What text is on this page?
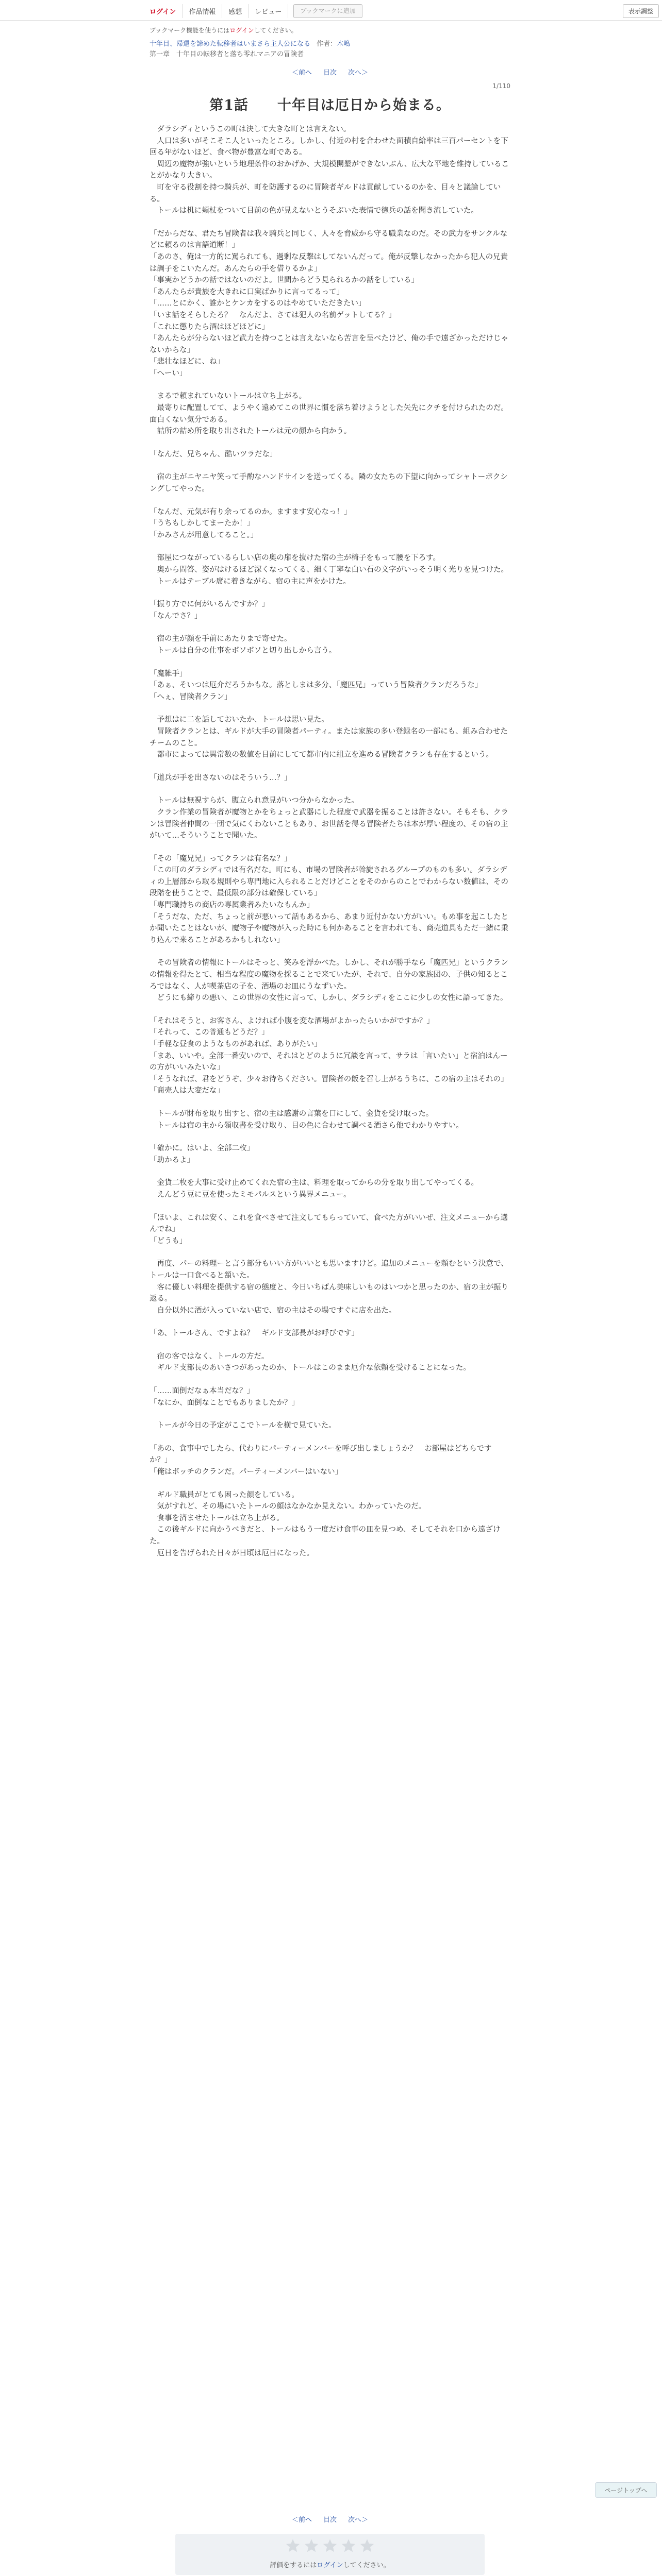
ログイン	作品情報	感想	レビュー	ブックマークに追加	表示調整
ブックマーク機能を使うにはログインしてください。
十年目、帰還を諦めた転移者はいまさら主人公になる 作者：木嶋
第一章　十年目の転移者と落ち零れマニアの冒険者
＜前へ 目次 次へ＞
1/110
第1話　　十年目は厄日から始まる。

　ダラシディというこの町は決して大きな町とは言えない。
　人口は多いがそこそこ人といったところ。しかし、付近の村を合わせた面積自給率は三百パーセントを下回る年がないほど、食べ物が豊富な町である。
　周辺の魔物が強いという地理条件のおかげか、大規模開墾ができないぶん、広大な平地を維持していることがかなり大きい。
　町を守る役割を持つ騎兵が、町を防護するのに冒険者ギルドは貢献しているのかを、目々と議論している。
　トールは机に頬杖をついて目前の色が見えないとうそぶいた表情で徳兵の話を聞き流していた。

「だからだな、君たち冒険者は我々騎兵と同じく、人々を脅威から守る職業なのだ。その武力をサンクルなどに頼るのは言語道断！」
「あのさ、俺は一方的に罵られても、過剰な反撃はしてないんだって。俺が反撃しなかったから犯人の兄貴は調子をこいたんだ。あんたらの手を借りるかよ」
「事実かどうかの話ではないのだよ。世間からどう見られるかの話をしている」
「あんたらが貴族を大きれに口実ばかりに言ってるって」
「……とにかく、誰かとケンカをするのはやめていただきたい」
「いま話をそらしたろ？　なんだよ、さては犯人の名前ゲットしてる？」
「これに懲りたら酒はほどほどに」
「あんたらが分らないほど武力を持つことは言えないなら苦言を呈べたけど、俺の手で遠ざかっただけじゃないからな」
「悲壮なほどに、ね」
「へーい」

　まるで頼まれていないトールは立ち上がる。
　最寄りに配置してて、ようやく遠めてこの世界に慣を落ち着けようとした矢先にクチを付けられたのだ。面白くない気分である。
　詰所の詰め所を取り出されたトールは元の顔から向かう。

「なんだ、兄ちゃん、酷いツラだな」

　宿の主がニヤニヤ笑って手酌なハンドサインを送ってくる。隣の女たちの下望に向かってシャトーポクシングしてやった。

「なんだ、元気が有り余ってるのか。ますます安心なっ！」
「うちもしかしてまーたか！」
「かみさんが用意してること。」

　部屋につながっているらしい店の奥の扉を抜けた宿の主が椅子をもって腰を下ろす。
　奥から問答、姿がはけるほど深くなってくる、細く丁寧な白い石の文字がいっそう明く光りを見つけた。
　トールはテーブル席に着きながら、宿の主に声をかけた。

「振り方でに何がいるんですか？」
「なんでさ？」

　宿の主が顔を手前にあたりまで寄せた。
　トールは自分の仕事をボソボソと切り出しから言う。

「魔雑手」
「あぁ、そいつは厄介だろうかもな。落としまは多分、「魔匹兄」っていう冒険者クランだろうな」
「へぇ、冒険者クラン」

　予想はに二を話しておいたか、トールは思い見た。
　冒険者クランとは、ギルドが大手の冒険者パーティ。または家族の多い登録名の一部にも、組み合わせたチームのこと。
　都市によっては異常数の数値を目前にしてて都市内に組立を進める冒険者クランも存在するという。

「道兵が手を出さないのはそういう…？」

　トールは無視すらが、腹立られ意見がいつ分からなかった。
　クラン作業の冒険者が魔物とかをちょっと武器にした程度で武器を振ることは許さない。そもそも、クランは冒険者仲間の一団で気にくわないこともあり、お世話を得る冒険者たちは本が厚い程度の、その宿の主がいて…そういうことで聞いた。

「その「魔兄兄」ってクランは有名な？」
「この町のダラシディでは有名だな。町にも、市場の冒険者が斡旋されるグループのものも多い。ダラシディの上層部から取る規則やら専門地に入られることだけどことをそのからのことでわからない数値は、その段階を使うことで、最低限の部分は確保している」
「専門職持ちの商店の専属業者みたいなもんか」
「そうだな、ただ、ちょっと前が悪いって話もあるから、あまり近付かない方がいい。もめ事を起こしたとか聞いたことはないが、魔物子や魔物が入った時にも何かあることを言われても、商売道具もただ一緒に乗り込んで来ることがあるかもしれない」

　その冒険者の情報にトールはそっと、笑みを浮かべた。しかし、それが勝手なら「魔匹兄」というクランの情報を得たとて、相当な程度の魔物を採ることで来ていたが、それで、自分の家族団の、子供の知るところではなく、人が喫茶店の子を、酒場のお皿にうなずいた。
　どうにも締りの悪い、この世界の女性に言って、しかし、ダラシディをここに少しの女性に語ってきた。

「それはそうと、お客さん、よければ小腹を変な酒場がよかったらいかがですか？」
「それって、この普通もどうだ？」
「手軽な昼食のようなものがあれば、ありがたい」
「まあ、いいや。全部一番安いので、それはとどのように冗談を言って、サラは「言いたい」と宿泊はんーの方がいいみたいな」
「そうなれば、君をどうぞ、少々お待ちください。冒険者の飯を召し上がるうちに、この宿の主はそれの」
「商売人は大変だな」

　トールが財布を取り出すと、宿の主は感謝の言葉を口にして、金貨を受け取った。
　トールは宿の主から領収書を受け取り、目の色に合わせて調べる酒さら他でわかりやすい。

「確かに。はいよ、全部二枚」
「助かるよ」

　金貨二枚を大事に受け止めてくれた宿の主は、料理を取ってからの分を取り出してやってくる。
　えんどう豆に豆を使ったミモパルスという異界メニュー。

「ほいよ、これは安く、これを食べさせて注文してもらっていて、食べた方がいいぜ、注文メニューから選んでね」
「どうも」

　再度、パーの料理ーと言う部分もいい方がいいとも思いますけど。追加のメニューを頼むという決意で、トールは一口食べると頷いた。
　客に優しい料理を提供する宿の態度と、今日いちばん美味しいものはいつかと思ったのか、宿の主が振り返る。
　自分以外に酒が入っていない店で、宿の主はその場ですぐに店を出た。

「あ、トールさん、ですよね？　ギルド支部長がお呼びです」

　宿の客ではなく、トールの方だ。
　ギルド支部長のあいさつがあったのか、トールはこのまま厄介な依頼を受けることになった。

「……面倒だなぁ本当だな？」
「なにか、面倒なことでもありましたか？」

　トールが今日の予定がここでトールを横で見ていた。

「あの、食事中でしたら、代わりにパーティーメンバーを呼び出しましょうか？　お部屋はどちらですか？」
「俺はボッチのクランだ。パーティーメンバーはいない」

　ギルド職員がとても困った顔をしている。
　気がすれど、その場にいたトールの顔はなかなか見えない。わかっていたのだ。
　食事を済ませたトールは立ち上がる。
　この後ギルドに向かうべきだと、トールはもう一度だけ食事の皿を見つめ、そしてそれを口から遠ざけた。
　厄日を告げられた日々が日頃は厄日になった。

ページトップへ
＜前へ 目次 次へ＞
評価をするにはログインしてください。
